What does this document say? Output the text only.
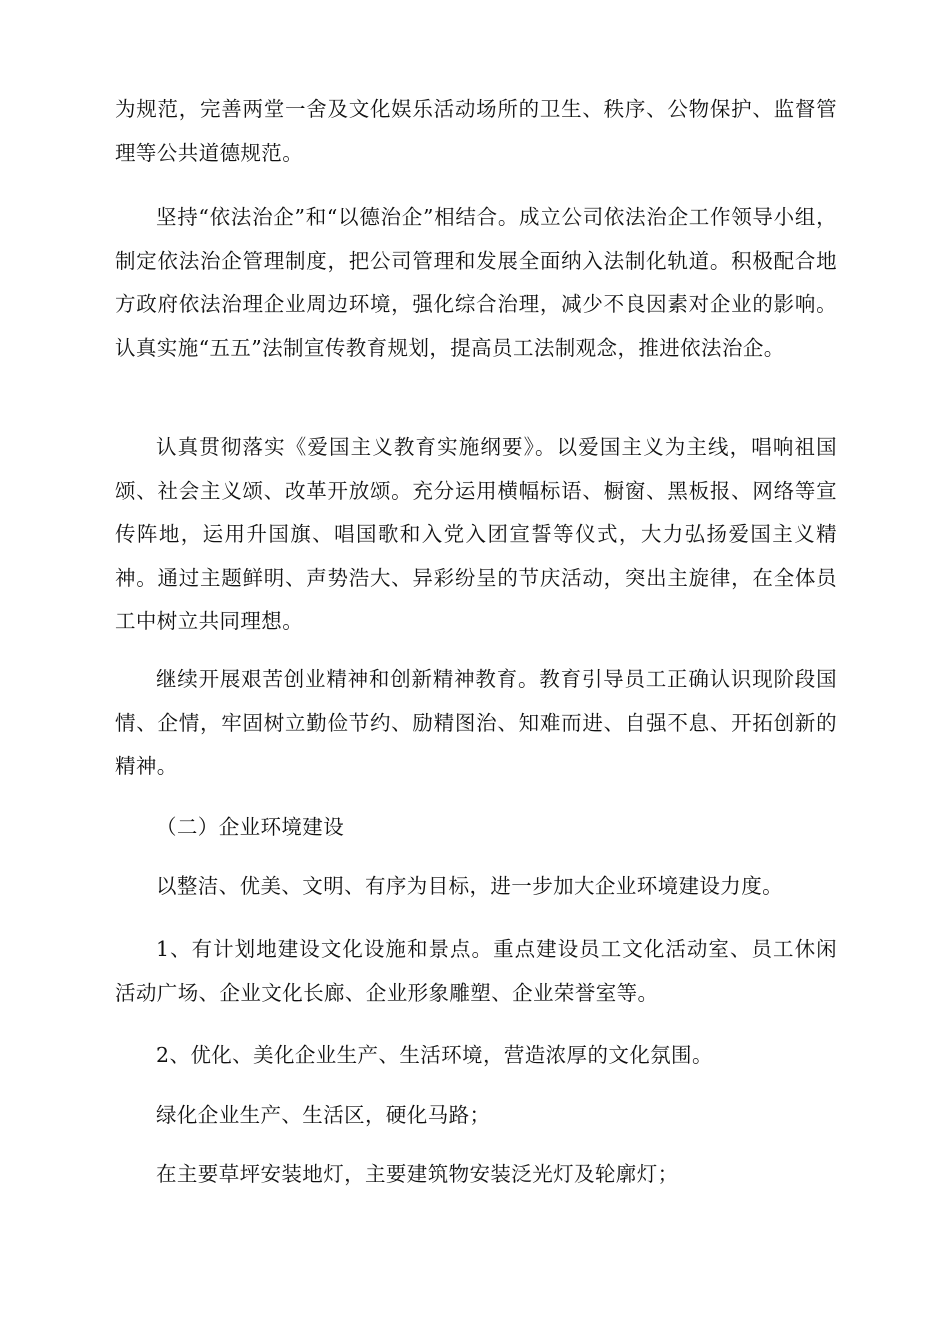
为规范，完善两堂一舍及文化娱乐活动场所的卫生、秩序、公物保护、监督管理等公共道德规范。

坚持“依法治企”和“以德治企”相结合。成立公司依法治企工作领导小组，制定依法治企管理制度，把公司管理和发展全面纳入法制化轨道。积极配合地方政府依法治理企业周边环境，强化综合治理，减少不良因素对企业的影响。认真实施“五五”法制宣传教育规划，提高员工法制观念，推进依法治企。

认真贯彻落实《爱国主义教育实施纲要》。以爱国主义为主线，唱响祖国颂、社会主义颂、改革开放颂。充分运用横幅标语、橱窗、黑板报、网络等宣传阵地，运用升国旗、唱国歌和入党入团宣誓等仪式，大力弘扬爱国主义精神。通过主题鲜明、声势浩大、异彩纷呈的节庆活动，突出主旋律，在全体员工中树立共同理想。

继续开展艰苦创业精神和创新精神教育。教育引导员工正确认识现阶段国情、企情，牢固树立勤俭节约、励精图治、知难而进、自强不息、开拓创新的精神。

（二）企业环境建设

以整洁、优美、文明、有序为目标，进一步加大企业环境建设力度。

1、有计划地建设文化设施和景点。重点建设员工文化活动室、员工休闲活动广场、企业文化长廊、企业形象雕塑、企业荣誉室等。

2、优化、美化企业生产、生活环境，营造浓厚的文化氛围。

绿化企业生产、生活区，硬化马路；

在主要草坪安装地灯，主要建筑物安装泛光灯及轮廓灯；
